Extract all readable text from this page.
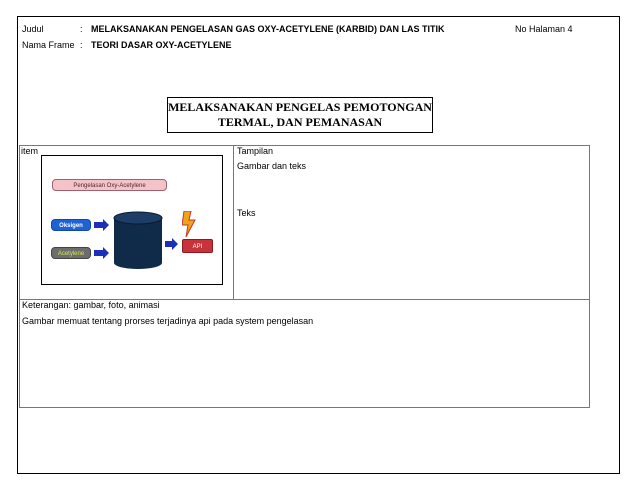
Judul	: MELAKSANAKAN PENGELASAN GAS OXY-ACETYLENE (KARBID) DAN LAS TITIK	No Halaman 4
Nama Frame : TEORI DASAR OXY-ACETYLENE
MELAKSANAKAN PENGELAS PEMOTONGAN
TERMAL, DAN PEMANASAN
item	Tampilan
Gambar dan teks
Teks
Keterangan: gambar, foto, animasi
Gambar memuat tentang prorses terjadinya api pada system pengelasan
Pengelasan Oxy-Acetylene
Oksigen
Acetylene
API
